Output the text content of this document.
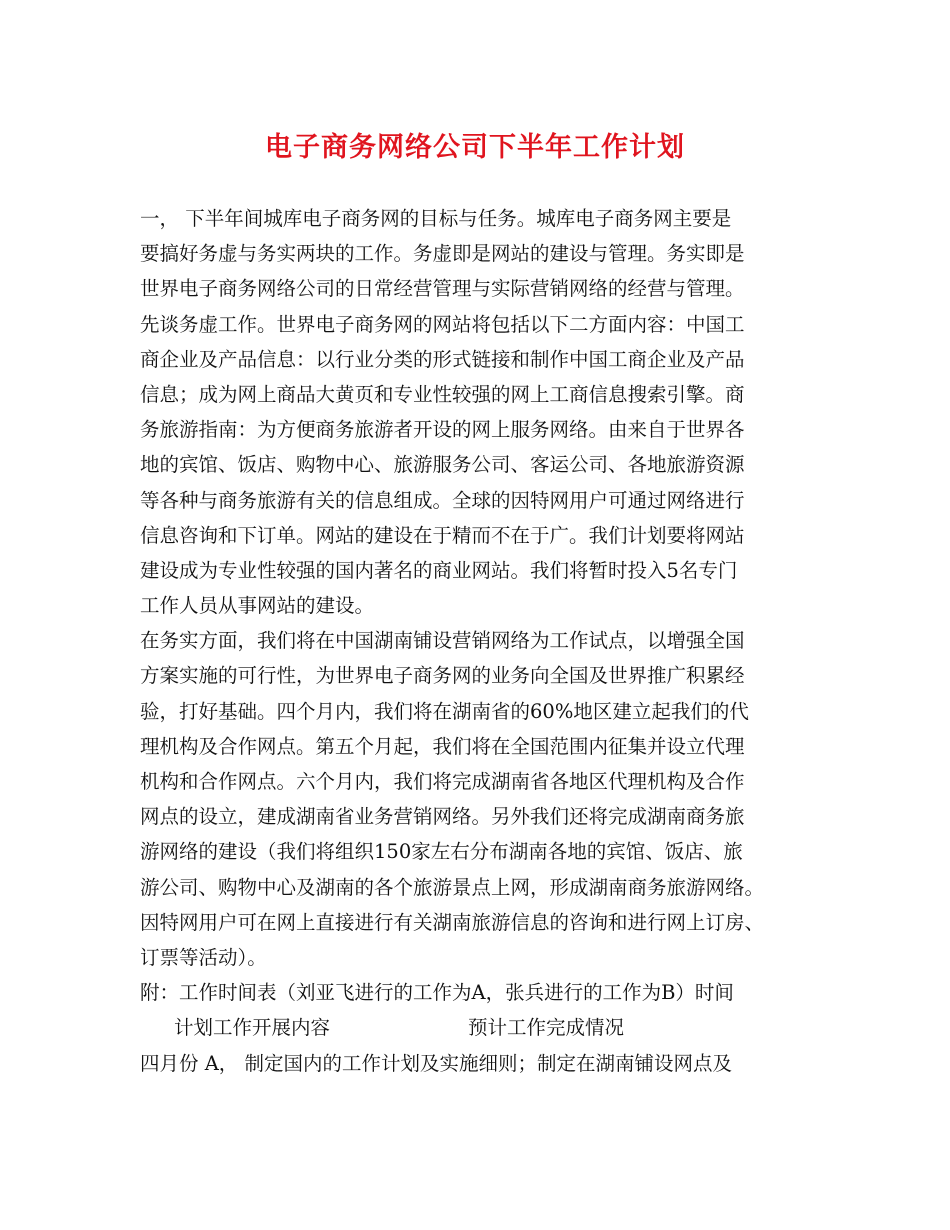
电子商务网络公司下半年工作计划
一， 下半年间城库电子商务网的目标与任务。城库电子商务网主要是
要搞好务虚与务实两块的工作。务虚即是网站的建设与管理。务实即是
世界电子商务网络公司的日常经营管理与实际营销网络的经营与管理。
先谈务虚工作。世界电子商务网的网站将包括以下二方面内容：中国工
商企业及产品信息：以行业分类的形式链接和制作中国工商企业及产品
信息；成为网上商品大黄页和专业性较强的网上工商信息搜索引擎。商
务旅游指南：为方便商务旅游者开设的网上服务网络。由来自于世界各
地的宾馆、饭店、购物中心、旅游服务公司、客运公司、各地旅游资源
等各种与商务旅游有关的信息组成。全球的因特网用户可通过网络进行
信息咨询和下订单。网站的建设在于精而不在于广。我们计划要将网站
建设成为专业性较强的国内著名的商业网站。我们将暂时投入5名专门
工作人员从事网站的建设。
在务实方面，我们将在中国湖南铺设营销网络为工作试点，以增强全国
方案实施的可行性，为世界电子商务网的业务向全国及世界推广积累经
验，打好基础。四个月内，我们将在湖南省的60%地区建立起我们的代
理机构及合作网点。第五个月起，我们将在全国范围内征集并设立代理
机构和合作网点。六个月内，我们将完成湖南省各地区代理机构及合作
网点的设立，建成湖南省业务营销网络。另外我们还将完成湖南商务旅
游网络的建设（我们将组织150家左右分布湖南各地的宾馆、饭店、旅
游公司、购物中心及湖南的各个旅游景点上网，形成湖南商务旅游网络。
因特网用户可在网上直接进行有关湖南旅游信息的咨询和进行网上订房、
订票等活动）。
附：工作时间表（刘亚飞进行的工作为A，张兵进行的工作为B）时间
计划工作开展内容	预计工作完成情况
四月份 A， 制定国内的工作计划及实施细则；制定在湖南铺设网点及
